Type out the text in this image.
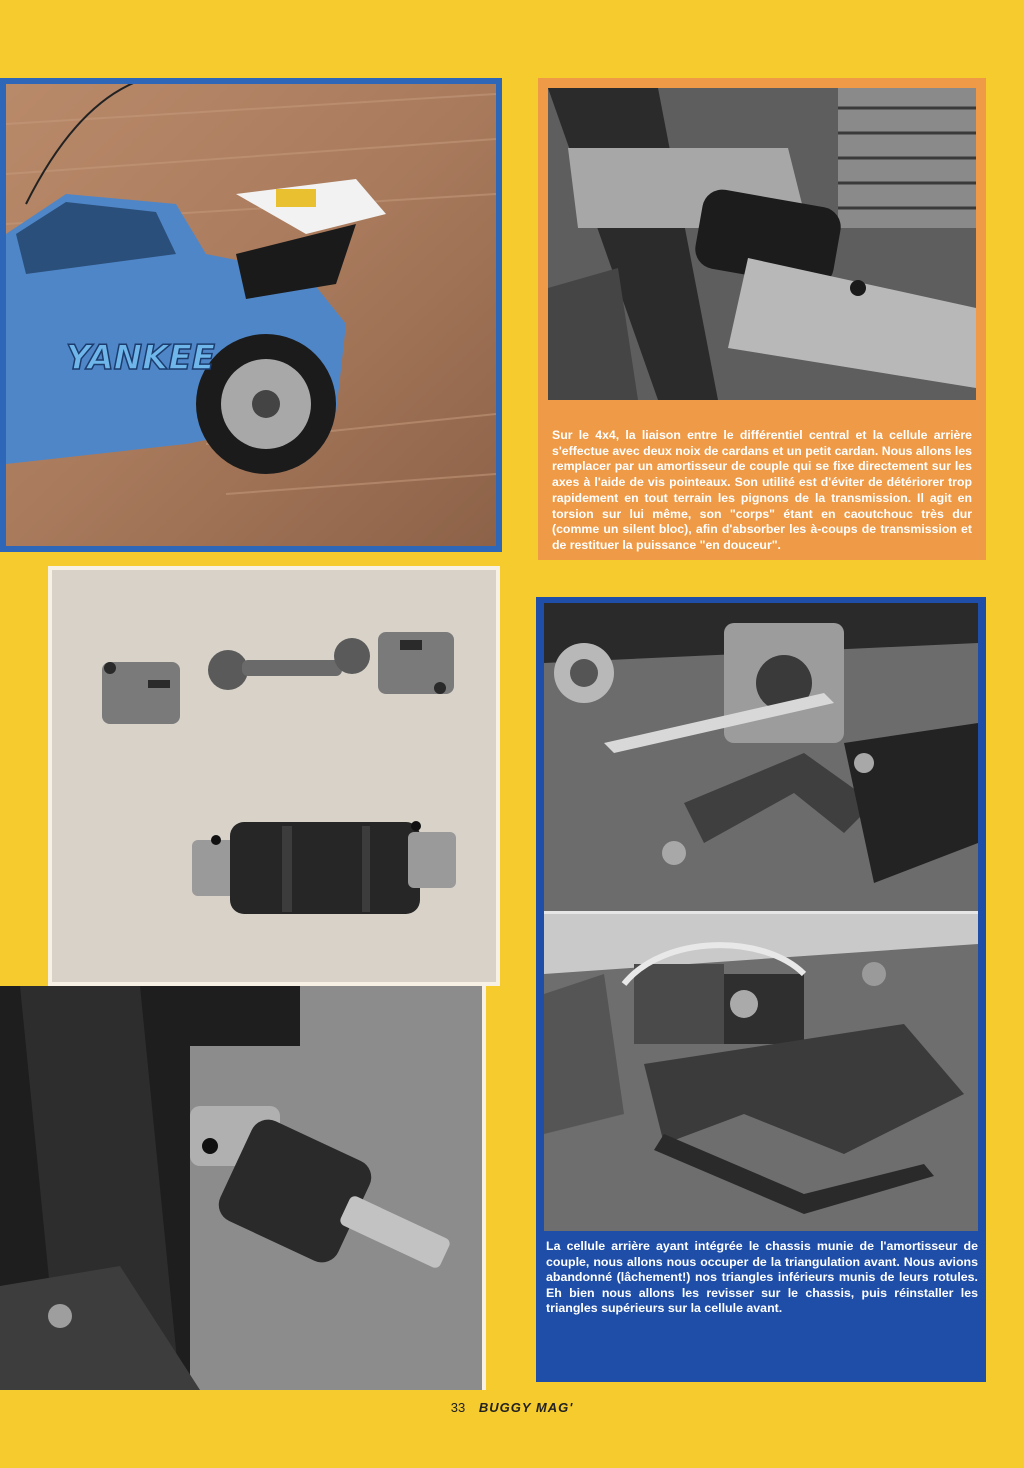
YANKEE
Sur le 4x4, la liaison entre le différentiel central et la cellule arrière s'effectue avec deux noix de cardans et un petit cardan. Nous allons les remplacer par un amortisseur de couple qui se fixe directement sur les axes à l'aide de vis pointeaux. Son utilité est d'éviter de détériorer trop rapidement en tout terrain les pignons de la transmission. Il agit en torsion sur lui même, son "corps" étant en caoutchouc très dur (comme un silent bloc), afin d'absorber les à-coups de transmission et de restituer la puissance "en douceur".
La cellule arrière ayant intégrée le chassis munie de l'amortisseur de couple, nous allons nous occuper de la triangulation avant. Nous avions abandonné (lâchement!) nos triangles inférieurs munis de leurs rotules. Eh bien nous allons les revisser sur le chassis, puis réinstaller les triangles supérieurs sur la cellule avant.
33 BUGGY MAG'
